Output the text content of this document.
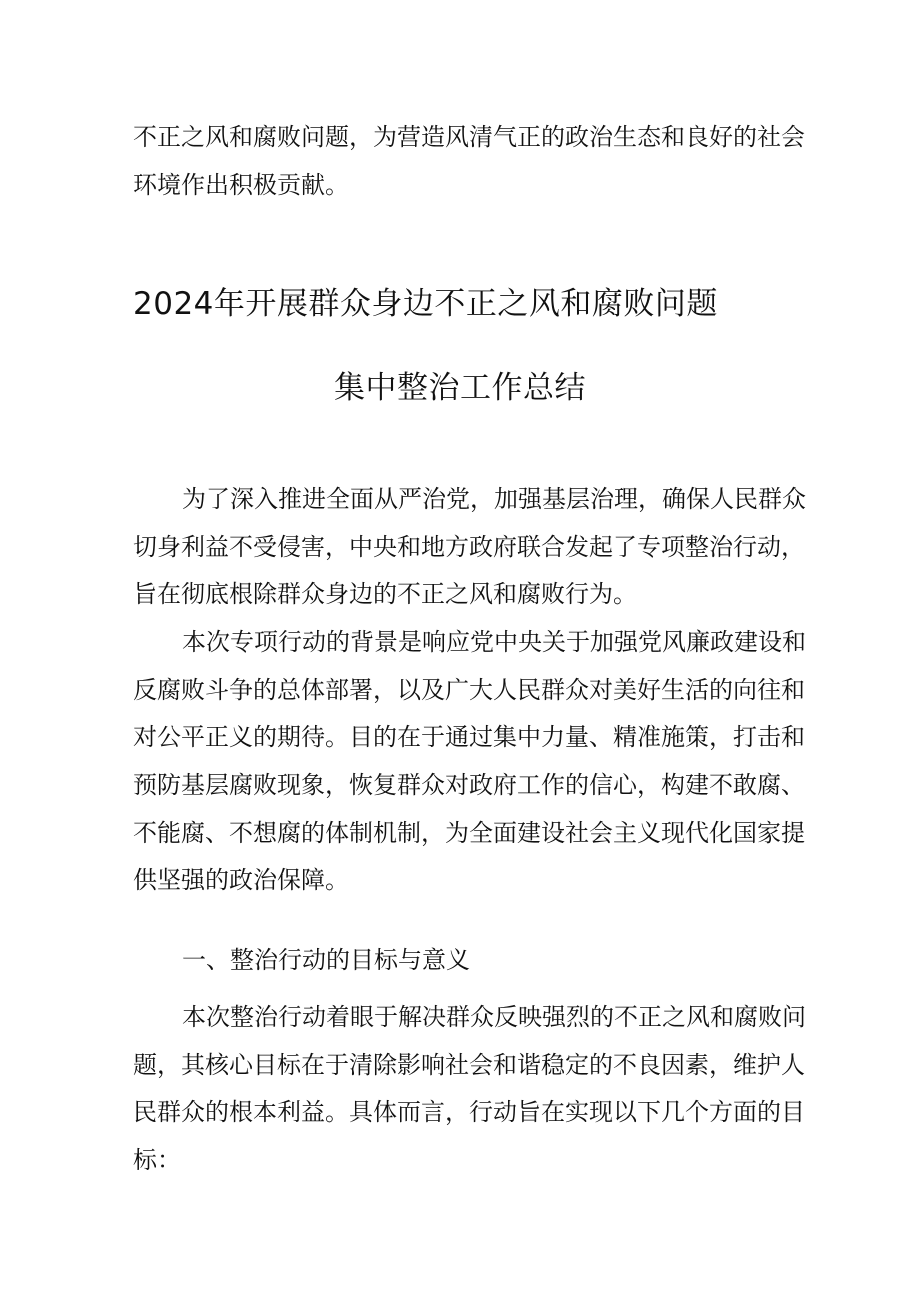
不正之风和腐败问题，为营造风清气正的政治生态和良好的社会
环境作出积极贡献。
2024年开展群众身边不正之风和腐败问题
集中整治工作总结
为了深入推进全面从严治党，加强基层治理，确保人民群众
切身利益不受侵害，中央和地方政府联合发起了专项整治行动，
旨在彻底根除群众身边的不正之风和腐败行为。
本次专项行动的背景是响应党中央关于加强党风廉政建设和
反腐败斗争的总体部署，以及广大人民群众对美好生活的向往和
对公平正义的期待。目的在于通过集中力量、精准施策，打击和
预防基层腐败现象，恢复群众对政府工作的信心，构建不敢腐、
不能腐、不想腐的体制机制，为全面建设社会主义现代化国家提
供坚强的政治保障。
一、整治行动的目标与意义
本次整治行动着眼于解决群众反映强烈的不正之风和腐败问
题，其核心目标在于清除影响社会和谐稳定的不良因素，维护人
民群众的根本利益。具体而言，行动旨在实现以下几个方面的目
标：
